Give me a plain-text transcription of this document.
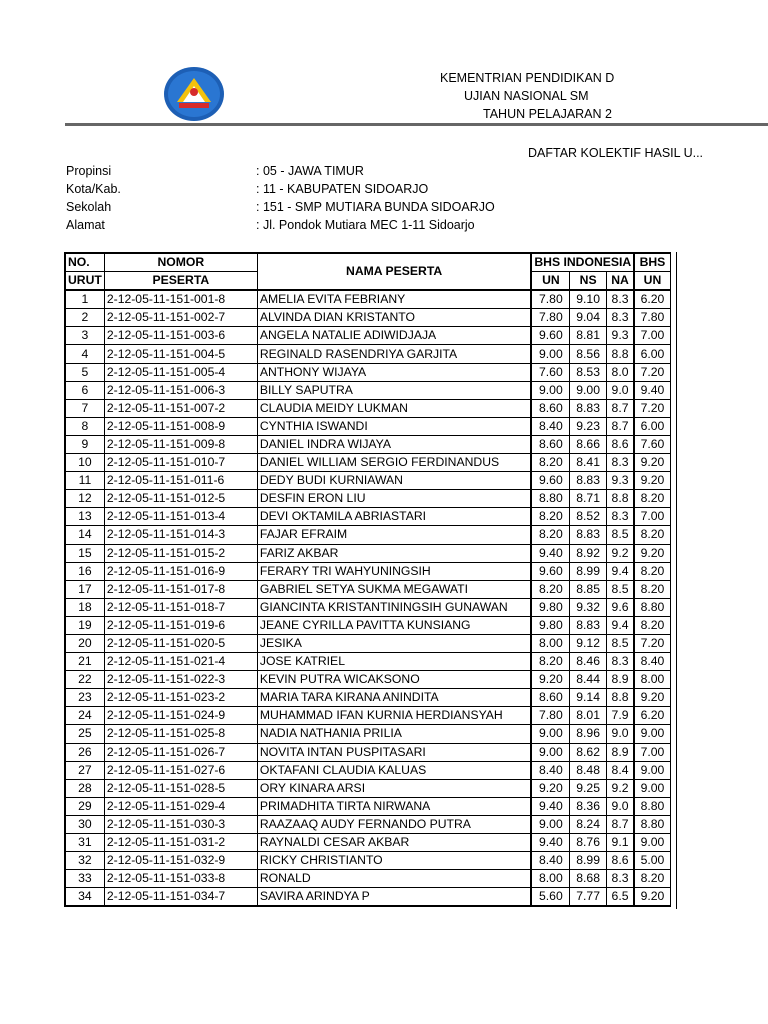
KEMENTRIAN PENDIDIKAN D
UJIAN NASIONAL SM
TAHUN PELAJARAN 2
DAFTAR KOLEKTIF HASIL U...
Propinsi	: 05 - JAWA TIMUR
Kota/Kab.	: 11 - KABUPATEN SIDOARJO
Sekolah	: 151 - SMP MUTIARA BUNDA SIDOARJO
Alamat	: Jl. Pondok Mutiara MEC 1-11 Sidoarjo
NO.	NOMOR	NAMA PESERTA	BHS INDONESIA			BHS
URUT	PESERTA		UN	NS	NA	UN
1	2-12-05-11-151-001-8	AMELIA EVITA FEBRIANY	7.80	9.10	8.3	6.20
2	2-12-05-11-151-002-7	ALVINDA DIAN KRISTANTO	7.80	9.04	8.3	7.80
3	2-12-05-11-151-003-6	ANGELA NATALIE ADIWIDJAJA	9.60	8.81	9.3	7.00
4	2-12-05-11-151-004-5	REGINALD RASENDRIYA GARJITA	9.00	8.56	8.8	6.00
5	2-12-05-11-151-005-4	ANTHONY WIJAYA	7.60	8.53	8.0	7.20
6	2-12-05-11-151-006-3	BILLY SAPUTRA	9.00	9.00	9.0	9.40
7	2-12-05-11-151-007-2	CLAUDIA MEIDY LUKMAN	8.60	8.83	8.7	7.20
8	2-12-05-11-151-008-9	CYNTHIA ISWANDI	8.40	9.23	8.7	6.00
9	2-12-05-11-151-009-8	DANIEL INDRA WIJAYA	8.60	8.66	8.6	7.60
10	2-12-05-11-151-010-7	DANIEL WILLIAM SERGIO FERDINANDUS	8.20	8.41	8.3	9.20
11	2-12-05-11-151-011-6	DEDY BUDI KURNIAWAN	9.60	8.83	9.3	9.20
12	2-12-05-11-151-012-5	DESFIN ERON LIU	8.80	8.71	8.8	8.20
13	2-12-05-11-151-013-4	DEVI OKTAMILA ABRIASTARI	8.20	8.52	8.3	7.00
14	2-12-05-11-151-014-3	FAJAR EFRAIM	8.20	8.83	8.5	8.20
15	2-12-05-11-151-015-2	FARIZ AKBAR	9.40	8.92	9.2	9.20
16	2-12-05-11-151-016-9	FERARY TRI WAHYUNINGSIH	9.60	8.99	9.4	8.20
17	2-12-05-11-151-017-8	GABRIEL SETYA SUKMA MEGAWATI	8.20	8.85	8.5	8.20
18	2-12-05-11-151-018-7	GIANCINTA KRISTANTININGSIH GUNAWAN	9.80	9.32	9.6	8.80
19	2-12-05-11-151-019-6	JEANE CYRILLA PAVITTA KUNSIANG	9.80	8.83	9.4	8.20
20	2-12-05-11-151-020-5	JESIKA	8.00	9.12	8.5	7.20
21	2-12-05-11-151-021-4	JOSE KATRIEL	8.20	8.46	8.3	8.40
22	2-12-05-11-151-022-3	KEVIN PUTRA WICAKSONO	9.20	8.44	8.9	8.00
23	2-12-05-11-151-023-2	MARIA TARA KIRANA ANINDITA	8.60	9.14	8.8	9.20
24	2-12-05-11-151-024-9	MUHAMMAD IFAN KURNIA HERDIANSYAH	7.80	8.01	7.9	6.20
25	2-12-05-11-151-025-8	NADIA NATHANIA PRILIA	9.00	8.96	9.0	9.00
26	2-12-05-11-151-026-7	NOVITA INTAN PUSPITASARI	9.00	8.62	8.9	7.00
27	2-12-05-11-151-027-6	OKTAFANI CLAUDIA KALUAS	8.40	8.48	8.4	9.00
28	2-12-05-11-151-028-5	ORY KINARA ARSI	9.20	9.25	9.2	9.00
29	2-12-05-11-151-029-4	PRIMADHITA TIRTA NIRWANA	9.40	8.36	9.0	8.80
30	2-12-05-11-151-030-3	RAAZAAQ AUDY FERNANDO PUTRA	9.00	8.24	8.7	8.80
31	2-12-05-11-151-031-2	RAYNALDI CESAR AKBAR	9.40	8.76	9.1	9.00
32	2-12-05-11-151-032-9	RICKY CHRISTIANTO	8.40	8.99	8.6	5.00
33	2-12-05-11-151-033-8	RONALD	8.00	8.68	8.3	8.20
34	2-12-05-11-151-034-7	SAVIRA ARINDYA P	5.60	7.77	6.5	9.20
